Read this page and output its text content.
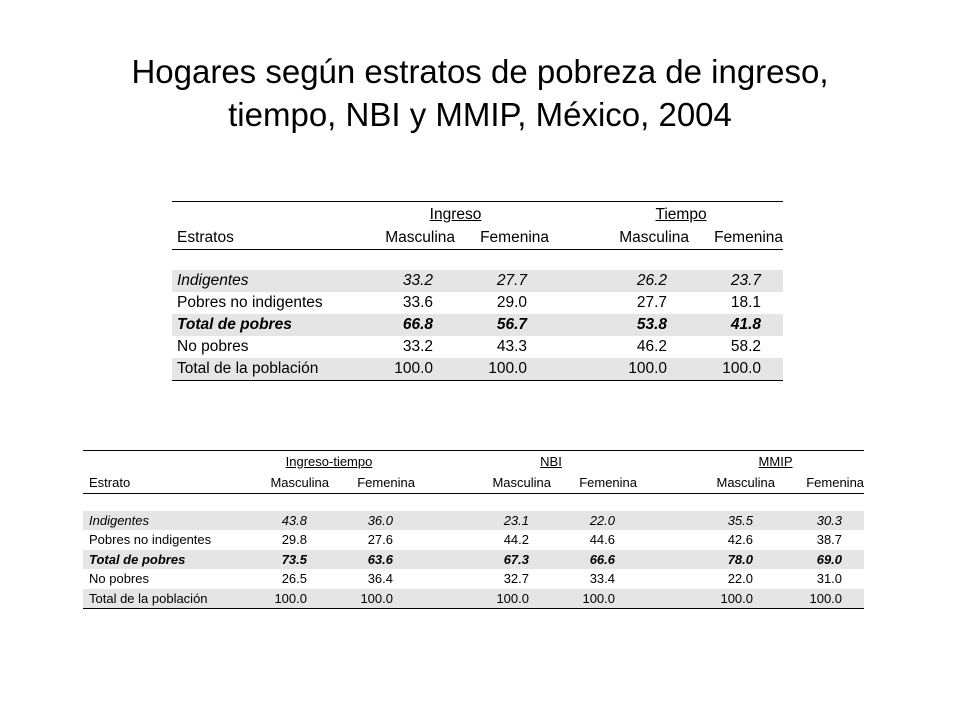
Hogares según estratos de pobreza de ingreso,
tiempo, NBI y MMIP, México, 2004
	Ingreso			Tiempo	
Estratos	Masculina	Femenina		Masculina	Femenina

Indigentes	33.2	27.7		26.2	23.7
Pobres no indigentes	33.6	29.0		27.7	18.1
Total de pobres	66.8	56.7		53.8	41.8
No pobres	33.2	43.3		46.2	58.2
Total de la población	100.0	100.0		100.0	100.0
	Ingreso-tiempo			NBI			MMIP	
Estrato	Masculina	Femenina		Masculina	Femenina		Masculina	Femenina

Indigentes	43.8	36.0		23.1	22.0		35.5	30.3
Pobres no indigentes	29.8	27.6		44.2	44.6		42.6	38.7
Total de pobres	73.5	63.6		67.3	66.6		78.0	69.0
No pobres	26.5	36.4		32.7	33.4		22.0	31.0
Total de la población	100.0	100.0		100.0	100.0		100.0	100.0
